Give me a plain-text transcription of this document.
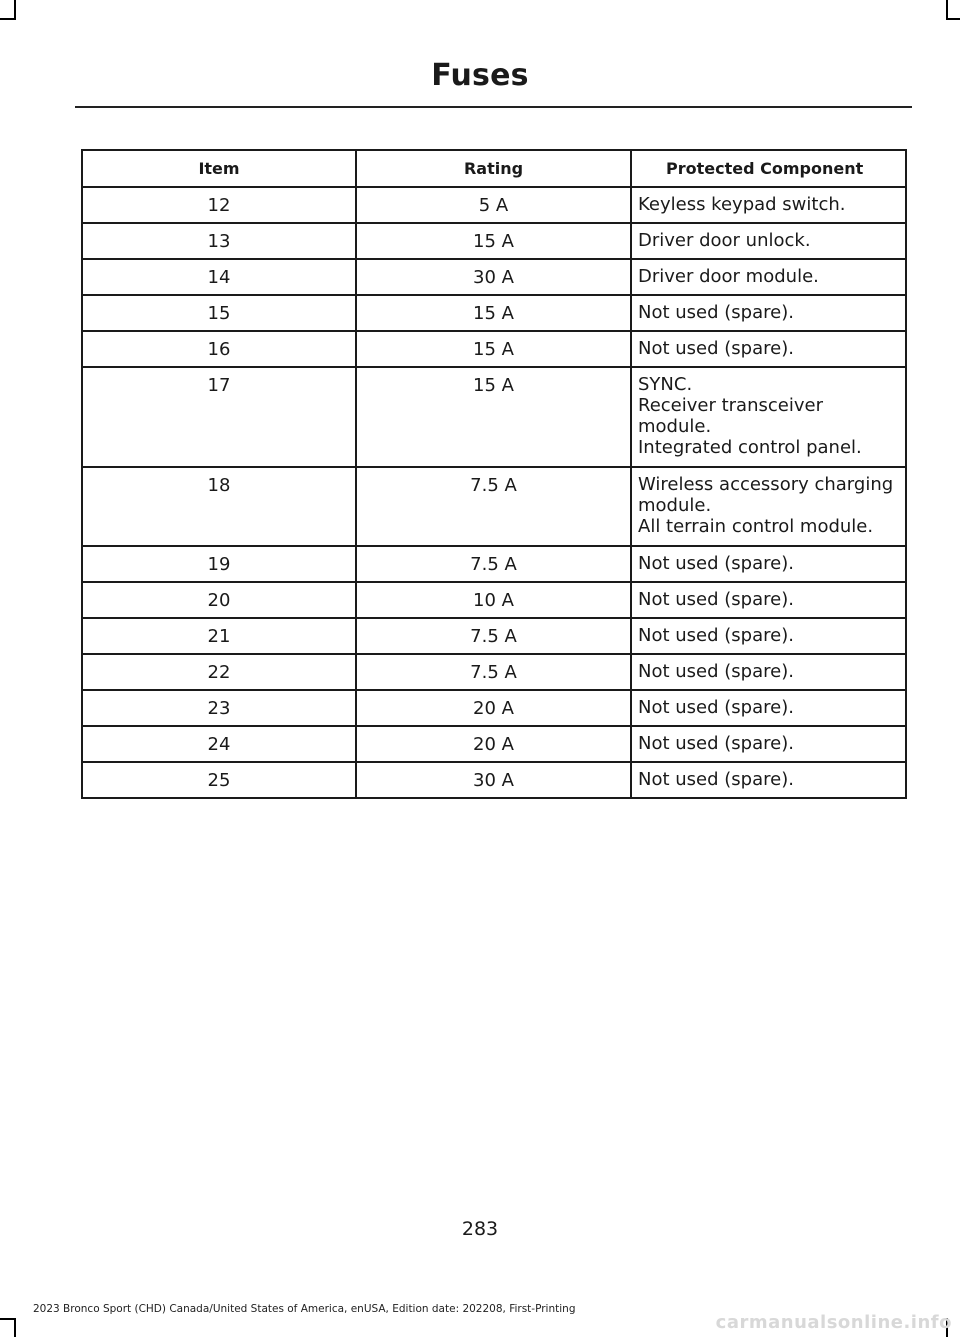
Fuses
Item	Rating	Protected Component

12	5 A	Keyless keypad switch.

13	15 A	Driver door unlock.

14	30 A	Driver door module.

15	15 A	Not used (spare).

16	15 A	Not used (spare).

17	15 A	SYNC.
Receiver transceiver
module.
Integrated control panel.

18	7.5 A	Wireless accessory charging
module.
All terrain control module.

19	7.5 A	Not used (spare).

20	10 A	Not used (spare).

21	7.5 A	Not used (spare).

22	7.5 A	Not used (spare).

23	20 A	Not used (spare).

24	20 A	Not used (spare).

25	30 A	Not used (spare).
283
2023 Bronco Sport (CHD) Canada/United States of America, enUSA, Edition date: 202208, First-Printing
carmanualsonline.info
